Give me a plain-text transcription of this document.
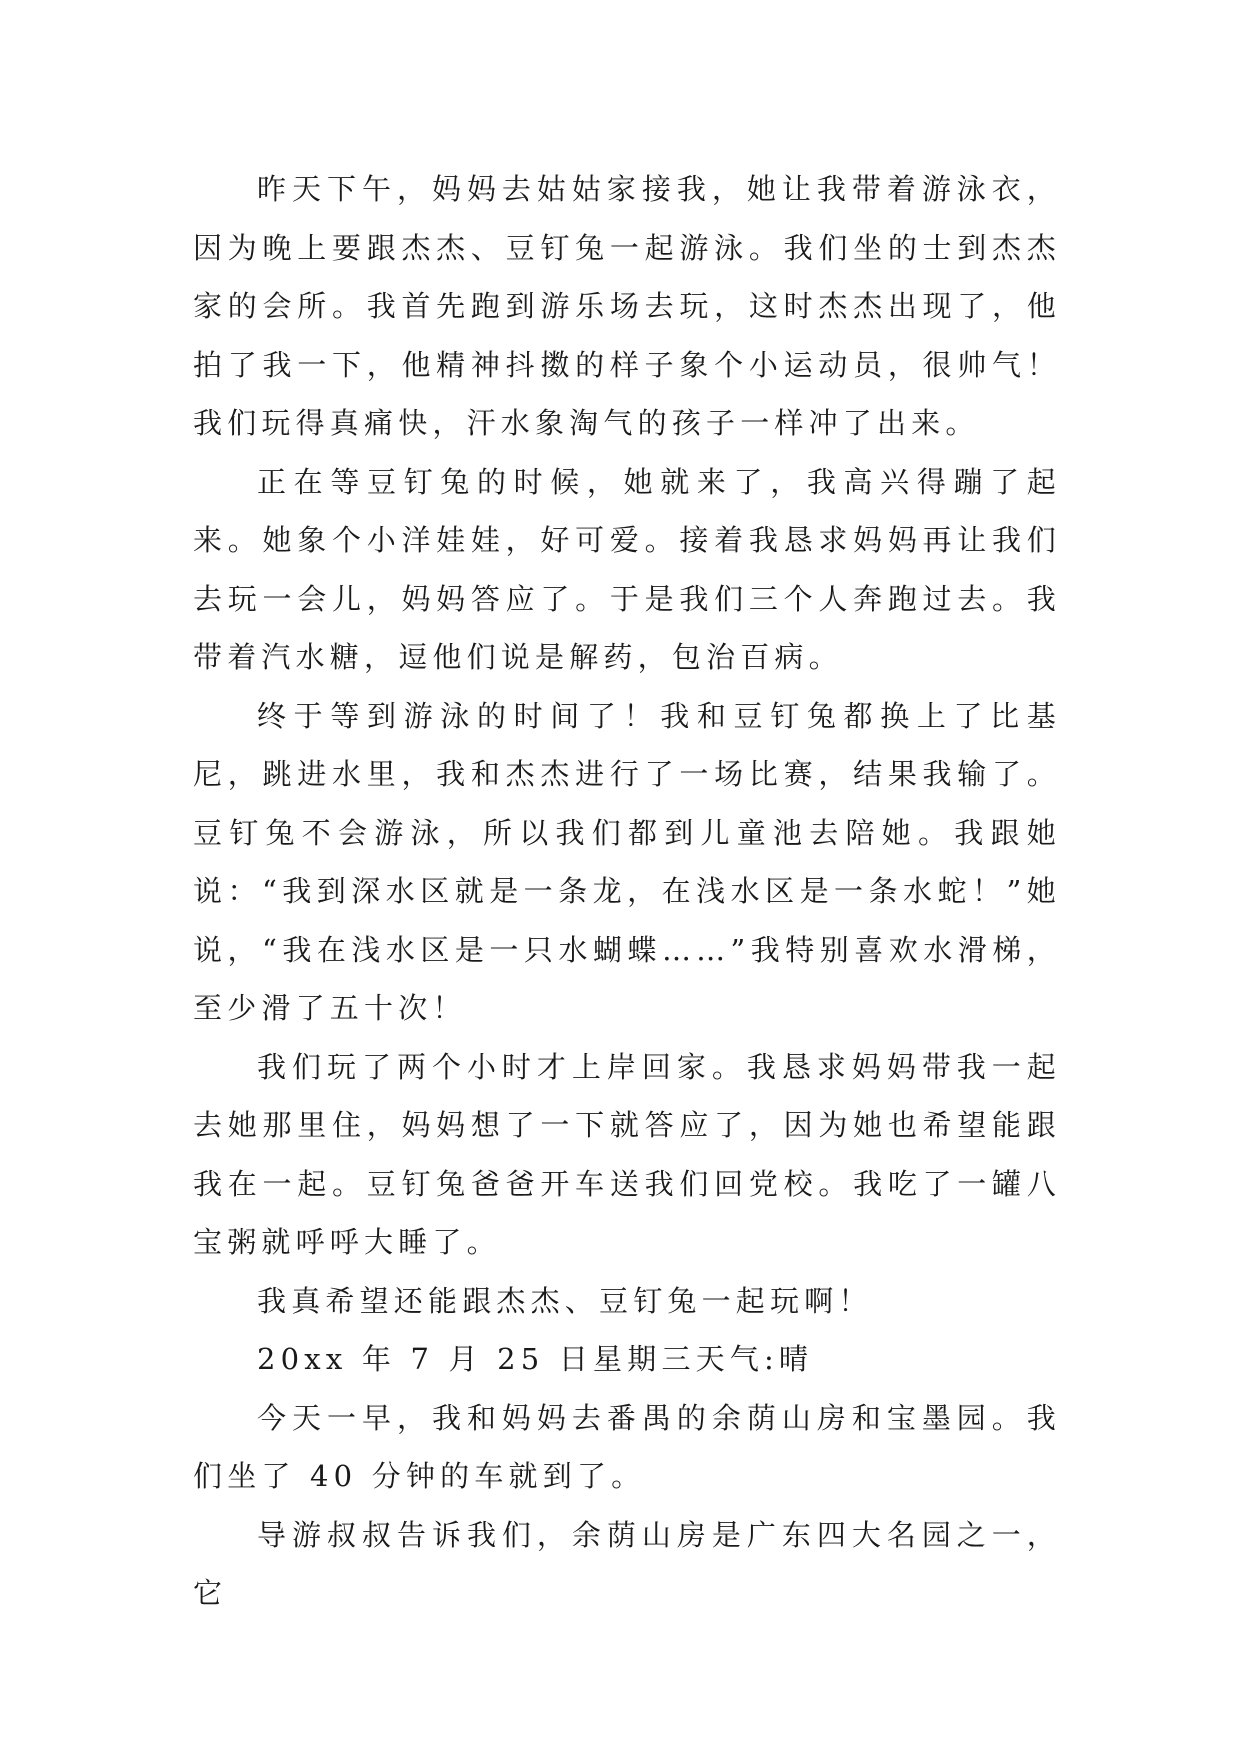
昨天下午，妈妈去姑姑家接我，她让我带着游泳衣，因为晚上要跟杰杰、豆钉兔一起游泳。我们坐的士到杰杰家的会所。我首先跑到游乐场去玩，这时杰杰出现了，他拍了我一下，他精神抖擞的样子象个小运动员，很帅气！我们玩得真痛快，汗水象淘气的孩子一样冲了出来。

正在等豆钉兔的时候，她就来了，我高兴得蹦了起来。她象个小洋娃娃，好可爱。接着我恳求妈妈再让我们去玩一会儿，妈妈答应了。于是我们三个人奔跑过去。我带着汽水糖，逗他们说是解药，包治百病。

终于等到游泳的时间了！我和豆钉兔都换上了比基尼，跳进水里，我和杰杰进行了一场比赛，结果我输了。豆钉兔不会游泳，所以我们都到儿童池去陪她。我跟她说：“我到深水区就是一条龙，在浅水区是一条水蛇！”她说，“我在浅水区是一只水蝴蝶……”我特别喜欢水滑梯，至少滑了五十次！

我们玩了两个小时才上岸回家。我恳求妈妈带我一起去她那里住，妈妈想了一下就答应了，因为她也希望能跟我在一起。豆钉兔爸爸开车送我们回党校。我吃了一罐八宝粥就呼呼大睡了。

我真希望还能跟杰杰、豆钉兔一起玩啊！

20xx 年 7 月 25 日星期三天气:晴

今天一早，我和妈妈去番禺的余荫山房和宝墨园。我们坐了 40 分钟的车就到了。

导游叔叔告诉我们，余荫山房是广东四大名园之一，它
